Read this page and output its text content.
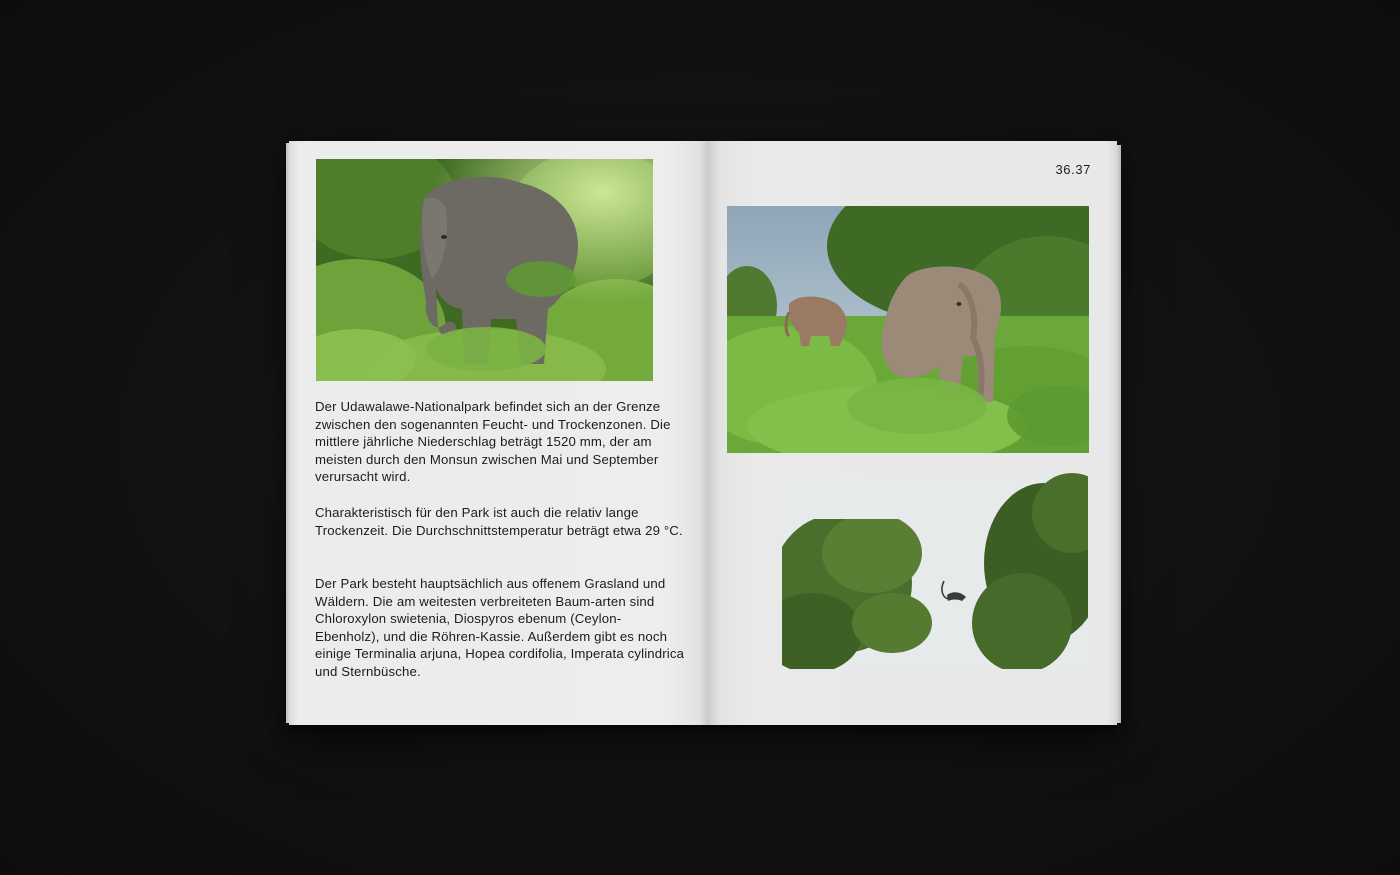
Der Udawalawe-Nationalpark befindet sich an der Grenze zwischen den sogenannten Feucht- und Trockenzonen. Die mittlere jährliche Niederschlag beträgt 1520 mm, der am meisten durch den Monsun zwischen Mai und September verursacht wird.

Charakteristisch für den Park ist auch die relativ lange Trockenzeit. Die Durchschnittstemperatur beträgt etwa 29 °C.

Der Park besteht hauptsächlich aus offenem Grasland und Wäldern. Die am weitesten verbreiteten Baum-arten sind Chloroxylon swietenia, Diospyros ebenum (Ceylon-Ebenholz), und die Röhren-Kassie. Außerdem gibt es noch einige Terminalia arjuna, Hopea cordifolia, Imperata cylindrica und Sternbüsche.

36.37
